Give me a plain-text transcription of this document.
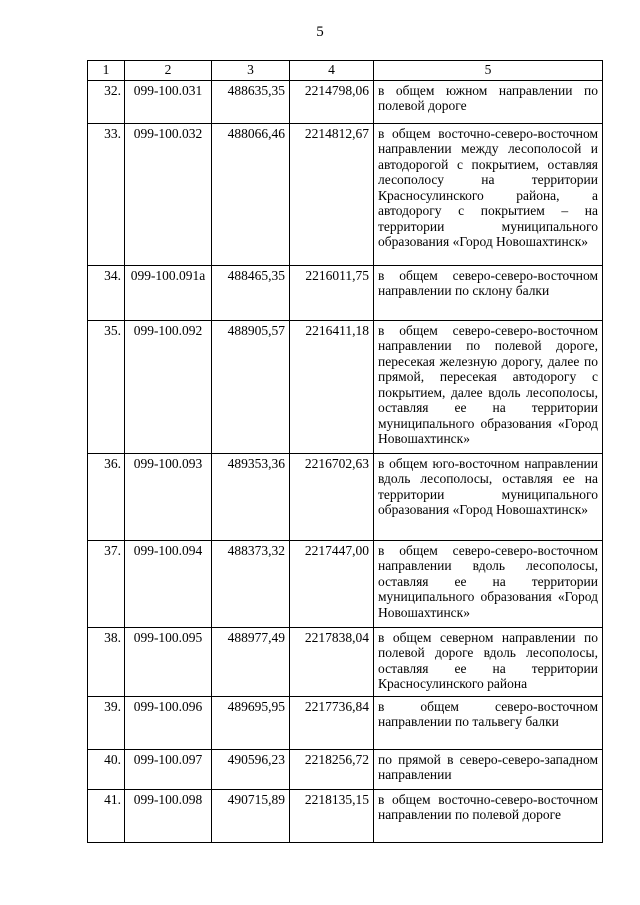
5
1	2	3	4	5
32.	099-100.031	488635,35	2214798,06	в общем южном направлении по полевой дороге
33.	099-100.032	488066,46	2214812,67	в общем восточно-северо-восточном направлении между лесополосой и автодорогой с покрытием, оставляя лесополосу на территории Красносулинского района, а автодорогу с покрытием – на территории муниципального образования «Город Новошахтинск»
34.	099-100.091а	488465,35	2216011,75	в общем северо-северо-восточном направлении по склону балки
35.	099-100.092	488905,57	2216411,18	в общем северо-северо-восточном направлении по полевой дороге, пересекая железную дорогу, далее по прямой, пересекая автодорогу с покрытием, далее вдоль лесополосы, оставляя ее на территории муниципального образования «Город Новошахтинск»
36.	099-100.093	489353,36	2216702,63	в общем юго-восточном направлении вдоль лесополосы, оставляя ее на территории муниципального образования «Город Новошахтинск»
37.	099-100.094	488373,32	2217447,00	в общем северо-северо-восточном направлении вдоль лесополосы, оставляя ее на территории муниципального образования «Город Новошахтинск»
38.	099-100.095	488977,49	2217838,04	в общем северном направлении по полевой дороге вдоль лесополосы, оставляя ее на территории Красносулинского района
39.	099-100.096	489695,95	2217736,84	в общем северо-восточном направлении по тальвегу балки
40.	099-100.097	490596,23	2218256,72	по прямой в северо-северо-западном направлении
41.	099-100.098	490715,89	2218135,15	в общем восточно-северо-восточном направлении по полевой дороге
